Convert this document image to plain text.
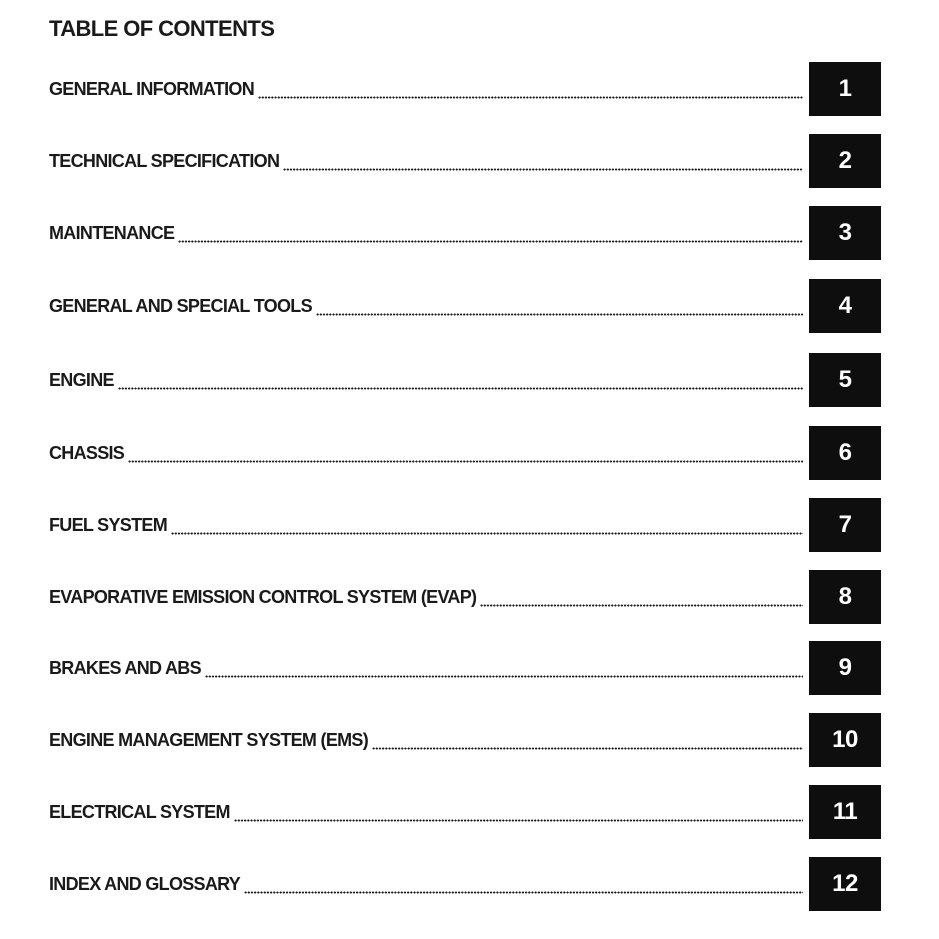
TABLE OF CONTENTS
GENERAL INFORMATION	1
TECHNICAL SPECIFICATION	2
MAINTENANCE	3
GENERAL AND SPECIAL TOOLS	4
ENGINE	5
CHASSIS	6
FUEL SYSTEM	7
EVAPORATIVE EMISSION CONTROL SYSTEM (EVAP)	8
BRAKES AND ABS	9
ENGINE MANAGEMENT SYSTEM (EMS)	10
ELECTRICAL SYSTEM	11
INDEX AND GLOSSARY	12
